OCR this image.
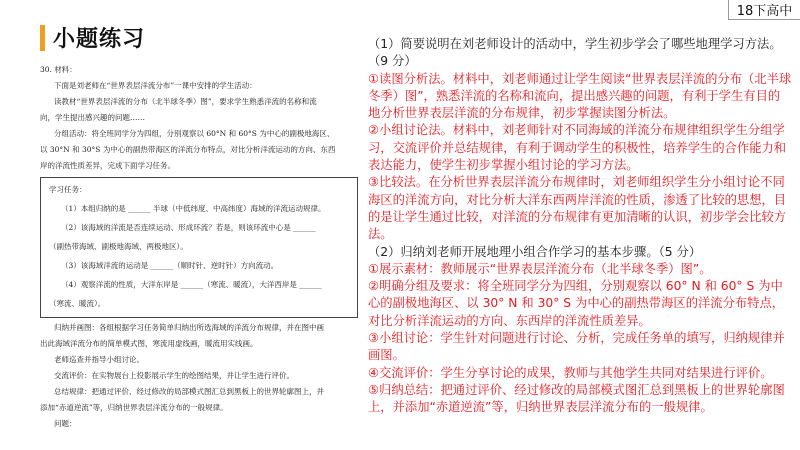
小题练习
18下高中

30. 材料：

下面是刘老师在“世界表层洋流分布”一课中安排的学生活动：

读教材“世界表层洋流的分布（北半球冬季）图”，要求学生熟悉洋流的名称和流

向，学生提出感兴趣的问题……

分组活动：将全班同学分为四组，分别观察以 60°N 和 60°S 为中心的副极地海区、

以 30°N 和 30°S 为中心的副热带海区的洋流分布特点，对比分析洋流运动的方向、东西

岸的洋流性质差异，完成下面学习任务。

学习任务：
（1）本组归纳的是 ______ 半球（中低纬度、中高纬度）海域的洋流运动规律。
（2）该海域的洋流是否连续运动、形成环流？若是，则该环流中心是 ______
（副热带海域、副极地海域、两极地区）。
（3）该海域洋流的运动是 ______（顺时针、逆时针）方向流动。
（4）观察洋流的性质，大洋东岸是 ______（寒流、暖流），大洋西岸是 ______
（寒流、暖流）。

归纳并画图：各组根据学习任务简单归纳出所选海域的洋流分布规律，并在图中画

出此海域洋流分布的简单模式图，寒流用虚线画，暖流用实线画。

老师巡查并指导小组讨论。

交流评价：在实物展台上投影展示学生的绘图结果，并让学生进行评价。

总结规律：把通过评价、经过修改的局部模式图汇总到黑板上的世界轮廓图上，并

添加“赤道逆流”等，归纳世界表层洋流分布的一般规律。

问题：

（1）简要说明在刘老师设计的活动中，学生初步学会了哪些地理学习方法。（9 分）
①读图分析法。材料中，刘老师通过让学生阅读“世界表层洋流的分布（北半球冬季）图”，熟悉洋流的名称和流向，提出感兴趣的问题，有利于学生有目的地分析世界表层洋流的分布规律，初步掌握读图分析法。
②小组讨论法。材料中，刘老师针对不同海域的洋流分布规律组织学生分组学习，交流评价并总结规律，有利于调动学生的积极性，培养学生的合作能力和表达能力，使学生初步掌握小组讨论的学习方法。
③比较法。在分析世界表层洋流分布规律时，刘老师组织学生分小组讨论不同海区的洋流方向，对比分析大洋东西两岸洋流的性质，渗透了比较的思想，目的是让学生通过比较，对洋流的分布规律有更加清晰的认识，初步学会比较方法。
（2）归纳刘老师开展地理小组合作学习的基本步骤。（5 分）
①展示素材：教师展示“世界表层洋流分布（北半球冬季）图”。
②明确分组及要求：将全班同学分为四组，分别观察以 60° N 和 60° S 为中心的副极地海区、以 30° N 和 30° S 为中心的副热带海区的洋流分布特点，对比分析洋流运动的方向、东西岸的洋流性质差异。
③小组讨论：学生针对问题进行讨论、分析，完成任务单的填写，归纳规律并画图。
④交流评价：学生分享讨论的成果，教师与其他学生共同对结果进行评价。
⑤归纳总结：把通过评价、经过修改的局部模式图汇总到黑板上的世界轮廓图上，并添加“赤道逆流”等，归纳世界表层洋流分布的一般规律。
